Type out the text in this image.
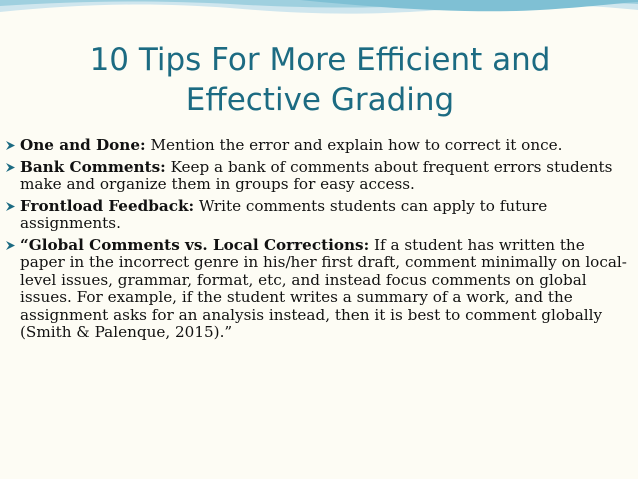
10 Tips For More Efficient and
Effective Grading
One and Done: Mention the error and explain how to correct it once.
Bank Comments: Keep a bank of comments about frequent errors students make and organize them in groups for easy access.
Frontload Feedback: Write comments students can apply to future assignments.
“Global Comments vs. Local Corrections: If a student has written the paper in the incorrect genre in his/her first draft, comment minimally on local-level issues, grammar, format, etc, and instead focus comments on global issues. For example, if the student writes a summary of a work, and the assignment asks for an analysis instead, then it is best to comment globally (Smith & Palenque, 2015).”
